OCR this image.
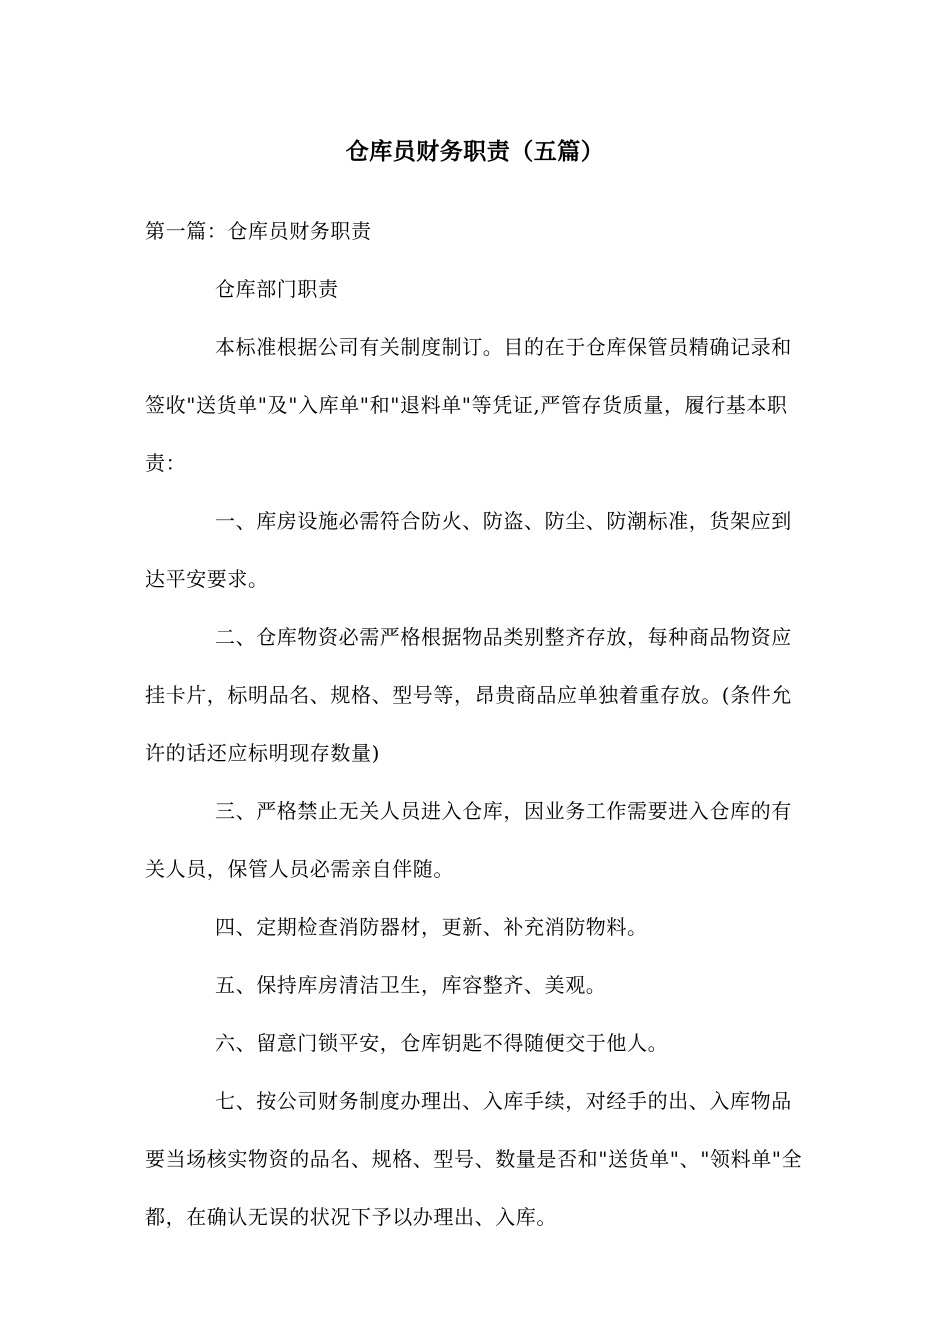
仓库员财务职责（五篇）

第一篇：仓库员财务职责

仓库部门职责

本标准根据公司有关制度制订。目的在于仓库保管员精确记录和签收"送货单"及"入库单"和"退料单"等凭证,严管存货质量，履行基本职责：

一、库房设施必需符合防火、防盗、防尘、防潮标准，货架应到达平安要求。

二、仓库物资必需严格根据物品类别整齐存放，每种商品物资应挂卡片，标明品名、规格、型号等，昂贵商品应单独着重存放。(条件允许的话还应标明现存数量)

三、严格禁止无关人员进入仓库，因业务工作需要进入仓库的有关人员，保管人员必需亲自伴随。

四、定期检查消防器材，更新、补充消防物料。

五、保持库房清洁卫生，库容整齐、美观。

六、留意门锁平安，仓库钥匙不得随便交于他人。

七、按公司财务制度办理出、入库手续，对经手的出、入库物品要当场核实物资的品名、规格、型号、数量是否和"送货单"、"领料单"全都，在确认无误的状况下予以办理出、入库。
